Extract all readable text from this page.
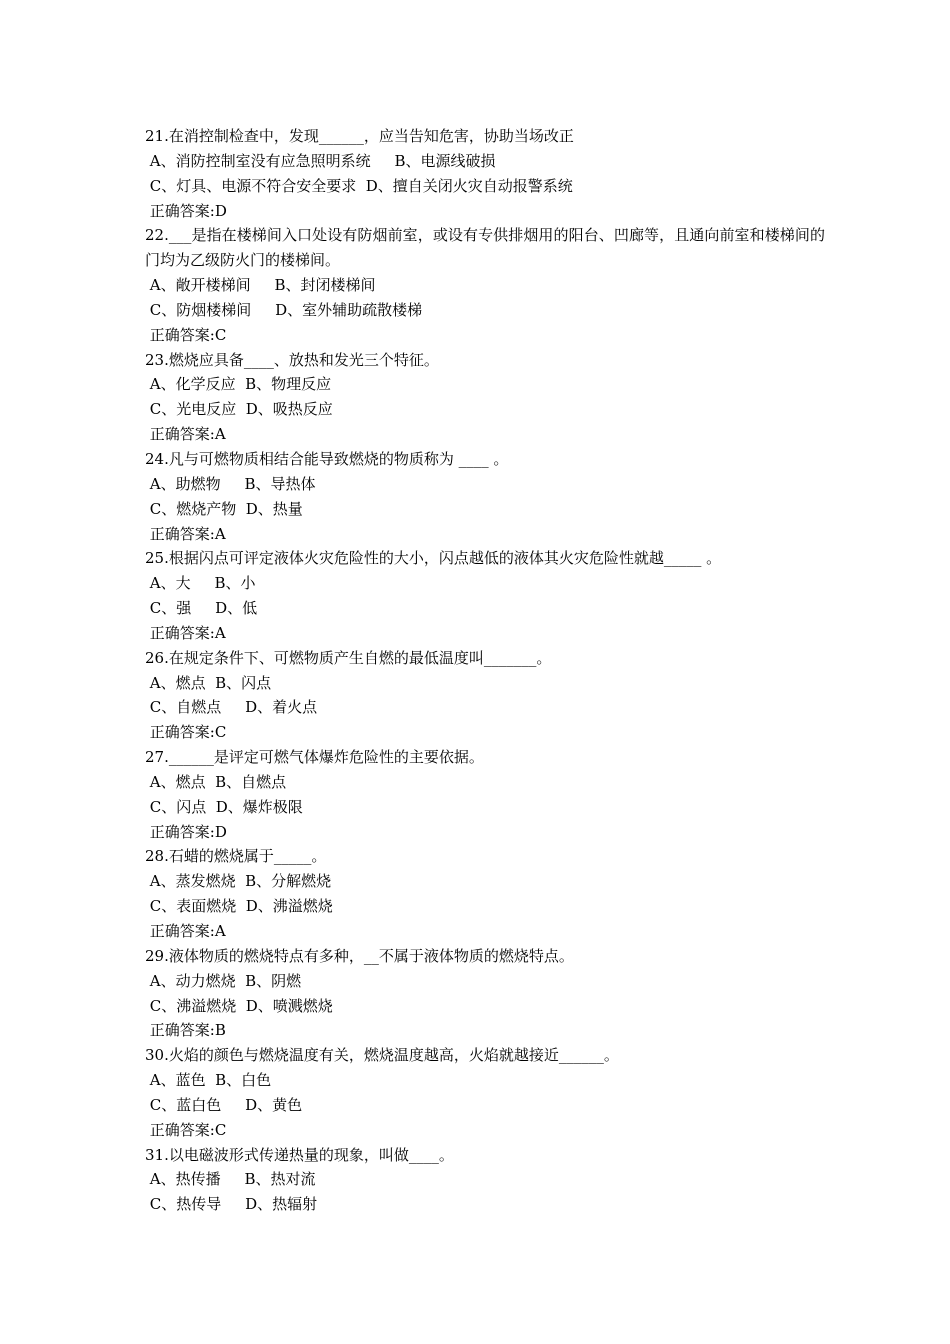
21.在消控制检查中，发现______，应当告知危害，协助当场改正
A、消防控制室没有应急照明系统     B、电源线破损
C、灯具、电源不符合安全要求  D、擅自关闭火灾自动报警系统
正确答案:D
22.___是指在楼梯间入口处设有防烟前室，或设有专供排烟用的阳台、凹廊等，且通向前室和楼梯间的门均为乙级防火门的楼梯间。
A、敞开楼梯间     B、封闭楼梯间
C、防烟楼梯间     D、室外辅助疏散楼梯
正确答案:C
23.燃烧应具备____、放热和发光三个特征。
A、化学反应  B、物理反应
C、光电反应  D、吸热反应
正确答案:A
24.凡与可燃物质相结合能导致燃烧的物质称为 ____ 。
A、助燃物     B、导热体
C、燃烧产物  D、热量
正确答案:A
25.根据闪点可评定液体火灾危险性的大小，闪点越低的液体其火灾危险性就越_____ 。
A、大     B、小
C、强     D、低
正确答案:A
26.在规定条件下、可燃物质产生自燃的最低温度叫_______。
A、燃点  B、闪点
C、自燃点     D、着火点
正确答案:C
27.______是评定可燃气体爆炸危险性的主要依据。
A、燃点  B、自燃点
C、闪点  D、爆炸极限
正确答案:D
28.石蜡的燃烧属于_____。
A、蒸发燃烧  B、分解燃烧
C、表面燃烧  D、沸溢燃烧
正确答案:A
29.液体物质的燃烧特点有多种，__不属于液体物质的燃烧特点。
A、动力燃烧  B、阴燃
C、沸溢燃烧  D、喷溅燃烧
正确答案:B
30.火焰的颜色与燃烧温度有关，燃烧温度越高，火焰就越接近______。
A、蓝色  B、白色
C、蓝白色     D、黄色
正确答案:C
31.以电磁波形式传递热量的现象，叫做____。
A、热传播     B、热对流
C、热传导     D、热辐射
